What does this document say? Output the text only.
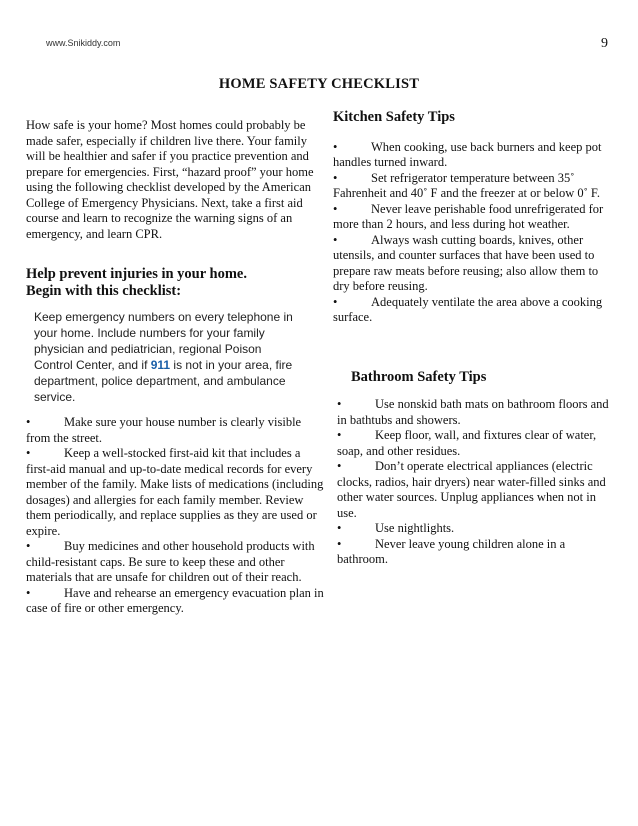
www.Snikiddy.com	9
HOME SAFETY CHECKLIST

How safe is your home? Most homes could probably be made safer, especially if children live there. Your family will be healthier and safer if you practice prevention and prepare for emergencies. First, “hazard proof” your home using the following checklist developed by the American College of Emergency Physicians. Next, take a first aid course and learn to recognize the warning signs of an emergency, and learn CPR.

Help prevent injuries in your home.
Begin with this checklist:
Keep emergency numbers on every telephone in your home. Include numbers for your family physician and pediatrician, regional Poison Control Center, and if 911 is not in your area, fire department, police department, and ambulance service.

•	Make sure your house number is clearly visible from the street.

•	Keep a well-stocked first-aid kit that includes a first-aid manual and up-to-date medical records for every member of the family. Make lists of medications (including dosages) and allergies for each family member. Review them periodically, and replace supplies as they are used or expire.

•	Buy medicines and other household products with child-resistant caps. Be sure to keep these and other materials that are unsafe for children out of their reach.

•	Have and rehearse an emergency evacuation plan in case of fire or other emergency.

Kitchen Safety Tips

•	When cooking, use back burners and keep pot handles turned inward.

•	Set refrigerator temperature between 35˚ Fahrenheit and 40˚ F and the freezer at or below 0˚ F.

•	Never leave perishable food unrefrigerated for more than 2 hours, and less during hot weather.

•	Always wash cutting boards, knives, other utensils, and counter surfaces that have been used to prepare raw meats before reusing; also allow them to dry before reusing.

•	Adequately ventilate the area above a cooking surface.

Bathroom Safety Tips

•	Use nonskid bath mats on bathroom floors and in bathtubs and showers.

•	Keep floor, wall, and fixtures clear of water, soap, and other residues.

•	Don’t operate electrical appliances (electric clocks, radios, hair dryers) near water-filled sinks and other water sources. Unplug appliances when not in use.

•	Use nightlights.

•	Never leave young children alone in a bathroom.
